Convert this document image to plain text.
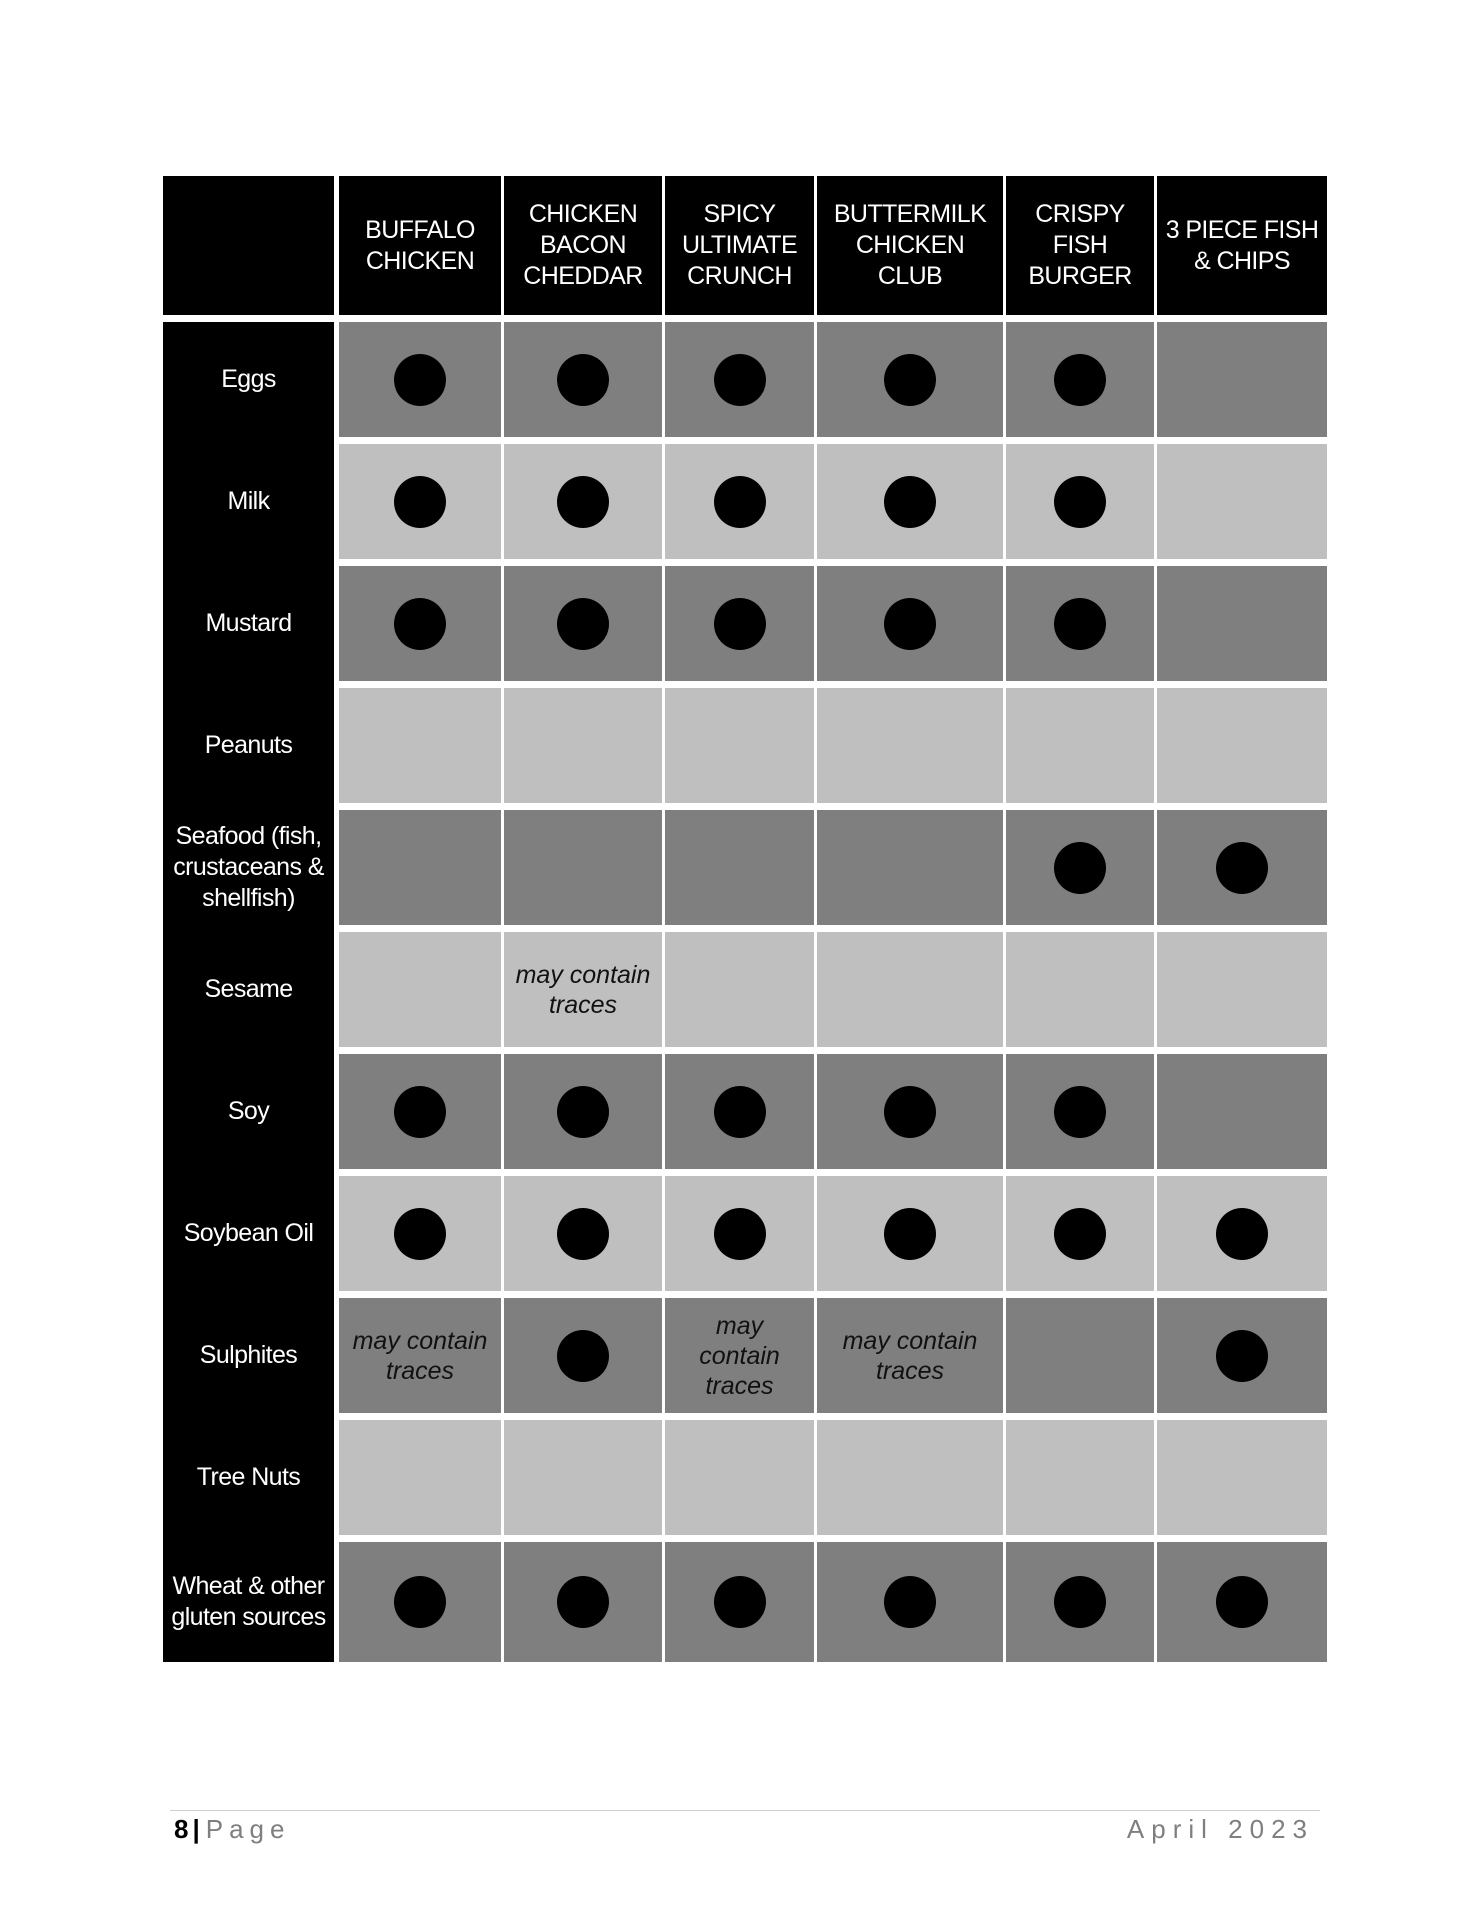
BUFFALO CHICKEN
CHICKEN BACON CHEDDAR
SPICY ULTIMATE CRUNCH
BUTTERMILK CHICKEN CLUB
CRISPY FISH BURGER
3 PIECE FISH & CHIPS
Eggs
Milk
Mustard
Peanuts
Seafood (fish, crustaceans & shellfish)
Sesame
may contain traces
Soy
Soybean Oil
Sulphites
may contain traces
may contain traces
may contain traces
Tree Nuts
Wheat & other gluten sources
8 | Page	April 2023
